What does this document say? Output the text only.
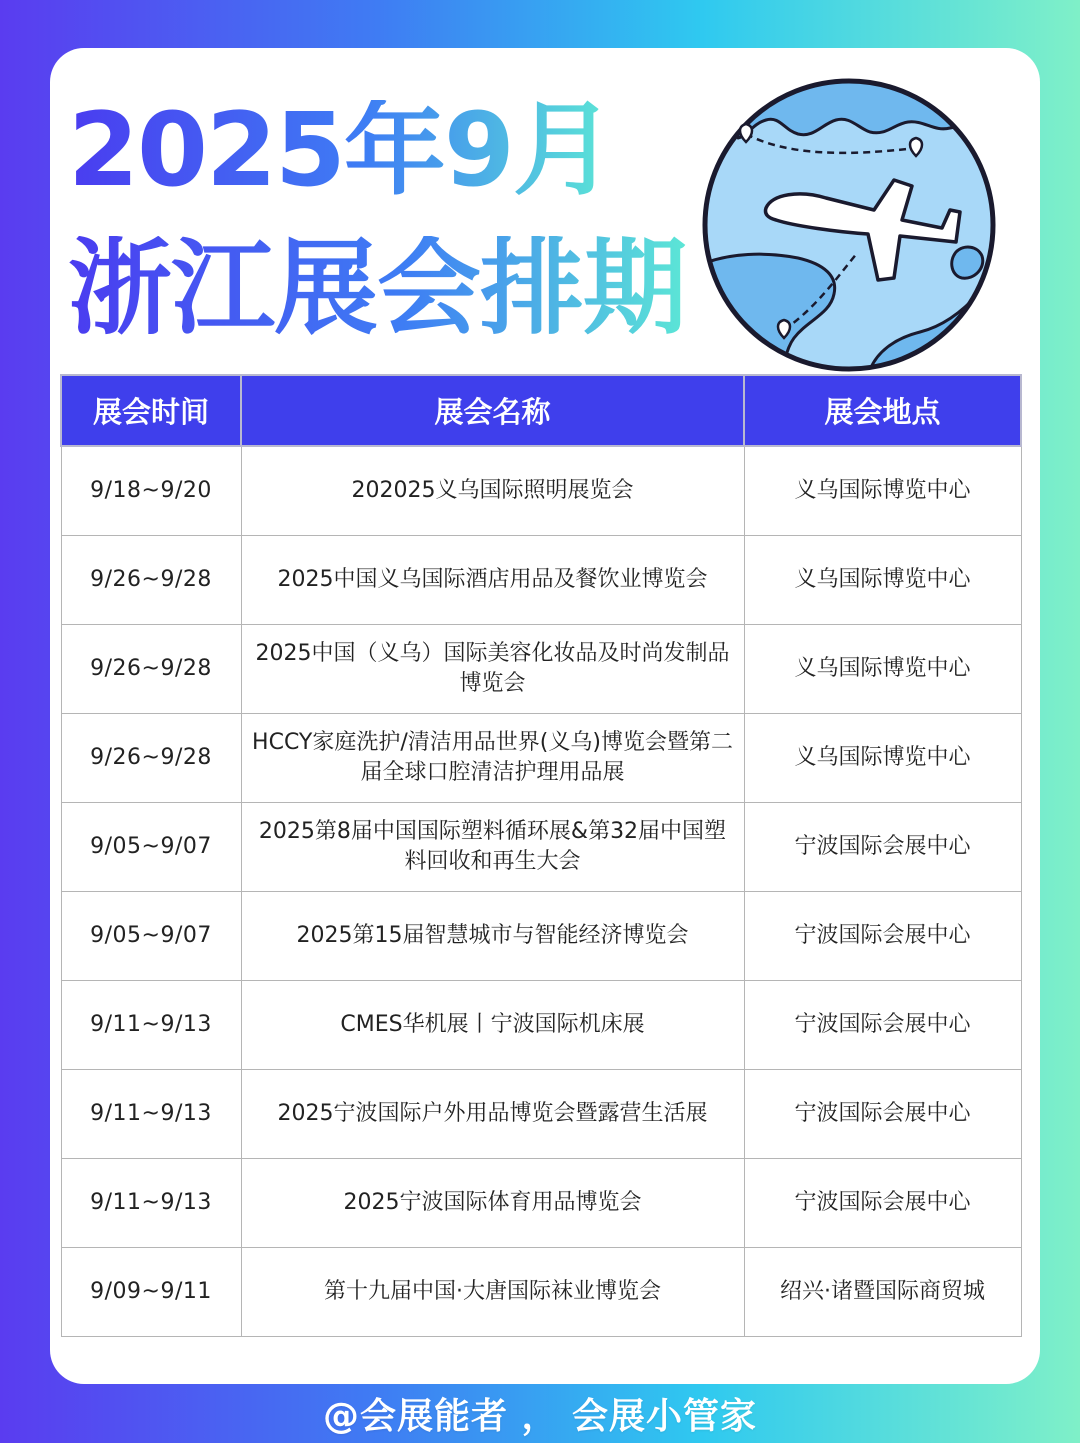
2025年9月
浙江展会排期
展会时间	展会名称	展会地点
9/18~9/20	202025义乌国际照明展览会	义乌国际博览中心
9/26~9/28	2025中国义乌国际酒店用品及餐饮业博览会	义乌国际博览中心
9/26~9/28	2025中国（义乌）国际美容化妆品及时尚发制品博览会	义乌国际博览中心
9/26~9/28	HCCY家庭洗护/清洁用品世界(义乌)博览会暨第二届全球口腔清洁护理用品展	义乌国际博览中心
9/05~9/07	2025第8届中国国际塑料循环展&第32届中国塑料回收和再生大会	宁波国际会展中心
9/05~9/07	2025第15届智慧城市与智能经济博览会	宁波国际会展中心
9/11~9/13	CMES华机展丨宁波国际机床展	宁波国际会展中心
9/11~9/13	2025宁波国际户外用品博览会暨露营生活展	宁波国际会展中心
9/11~9/13	2025宁波国际体育用品博览会	宁波国际会展中心
9/09~9/11	第十九届中国·大唐国际袜业博览会	绍兴·诸暨国际商贸城
@会展能者 ， 会展小管家
